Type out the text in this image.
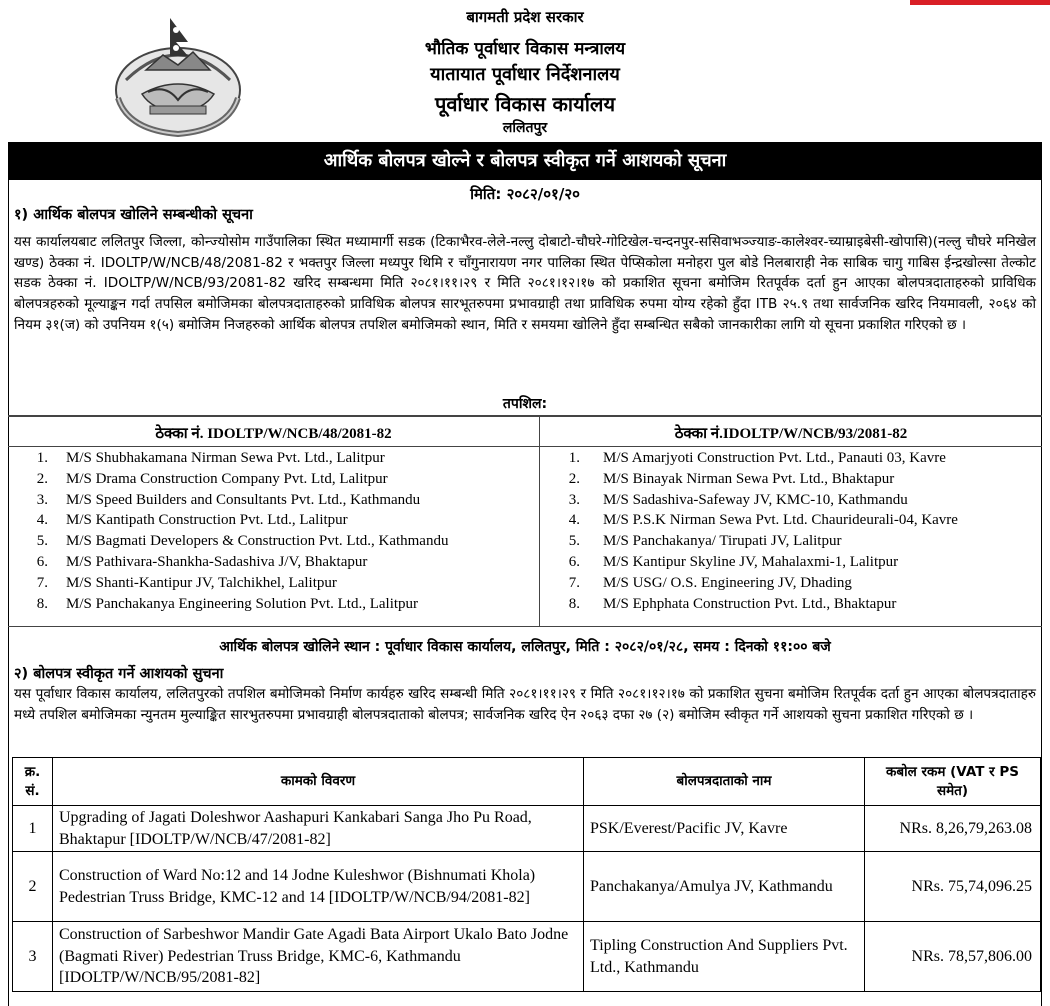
बागमती प्रदेश सरकार
भौतिक पूर्वाधार विकास मन्त्रालय
यातायात पूर्वाधार निर्देशनालय
पूर्वाधार विकास कार्यालय
ललितपुर
आर्थिक बोलपत्र खोल्ने र बोलपत्र स्वीकृत गर्ने आशयको सूचना
मिति: २०८२/०१/२०
१) आर्थिक बोलपत्र खोलिने सम्बन्धीको सूचना
यस कार्यालयबाट ललितपुर जिल्ला, कोन्ज्योसोम गाउँपालिका स्थित मध्यामार्गी सडक (टिकाभैरव-लेले-नल्लु दोबाटो-चौघरे-गोटिखेल-चन्दनपुर-ससिवाभञ्ज्याङ-कालेश्वर-च्याम्राइबेसी-खोपासि)(नल्लु चौघरे मनिखेल खण्ड) ठेक्का नं. IDOLTP/W/NCB/48/2081-82 र भक्तपुर जिल्ला मध्यपुर थिमि र चाँगुनारायण नगर पालिका स्थित पेप्सिकोला मनोहरा पुल बोडे निलबाराही नेक साबिक चागु गाबिस ईन्द्रखोल्सा तेल्कोट सडक ठेक्का नं. IDOLTP/W/NCB/93/2081-82 खरिद सम्बन्धमा मिति २०८१।११।२९ र मिति २०८१।१२।१७ को प्रकाशित सूचना बमोजिम रितपूर्वक दर्ता हुन आएका बोलपत्रदाताहरुको प्राविधिक बोलपत्रहरुको मूल्याङ्कन गर्दा तपसिल बमोजिमका बोलपत्रदाताहरुको प्राविधिक बोलपत्र सारभूतरुपमा प्रभावग्राही तथा प्राविधिक रुपमा योग्य रहेको हुँदा ITB २५.९ तथा सार्वजनिक खरिद नियमावली, २०६४ को नियम ३१(ज) को उपनियम १(५) बमोजिम निजहरुको आर्थिक बोलपत्र तपशिल बमोजिमको स्थान, मिति र समयमा खोलिने हुँदा सम्बन्धित सबैको जानकारीका लागि यो सूचना प्रकाशित गरिएको छ ।
तपशिल:
ठेक्का नं. IDOLTP/W/NCB/48/2081-82
1. M/S Shubhakamana Nirman Sewa Pvt. Ltd., Lalitpur
2. M/S Drama Construction Company Pvt. Ltd, Lalitpur
3. M/S Speed Builders and Consultants Pvt. Ltd., Kathmandu
4. M/S Kantipath Construction Pvt. Ltd., Lalitpur
5. M/S Bagmati Developers & Construction Pvt. Ltd., Kathmandu
6. M/S Pathivara-Shankha-Sadashiva J/V, Bhaktapur
7. M/S Shanti-Kantipur JV, Talchikhel, Lalitpur
8. M/S Panchakanya Engineering Solution Pvt. Ltd., Lalitpur
ठेक्का नं.IDOLTP/W/NCB/93/2081-82
1. M/S Amarjyoti Construction Pvt. Ltd., Panauti 03, Kavre
2. M/S Binayak Nirman Sewa Pvt. Ltd., Bhaktapur
3. M/S Sadashiva-Safeway JV, KMC-10, Kathmandu
4. M/S P.S.K Nirman Sewa Pvt. Ltd. Chaurideurali-04, Kavre
5. M/S Panchakanya/ Tirupati JV, Lalitpur
6. M/S Kantipur Skyline JV, Mahalaxmi-1, Lalitpur
7. M/S USG/ O.S. Engineering JV, Dhading
8. M/S Ephphata Construction Pvt. Ltd., Bhaktapur
आर्थिक बोलपत्र खोलिने स्थान : पूर्वाधार विकास कार्यालय, ललितपुर, मिति : २०८२/०१/२८, समय : दिनको ११:०० बजे
२) बोलपत्र स्वीकृत गर्ने आशयको सुचना
यस पूर्वाधार विकास कार्यालय, ललितपुरको तपशिल बमोजिमको निर्माण कार्यहरु खरिद सम्बन्धी मिति २०८१।११।२९ र मिति २०८१।१२।१७ को प्रकाशित सुचना बमोजिम रितपूर्वक दर्ता हुन आएका बोलपत्रदाताहरु मध्ये तपशिल बमोजिमका न्युनतम मुल्याङ्कित सारभुतरुपमा प्रभावग्राही बोलपत्रदाताको बोलपत्र; सार्वजनिक खरिद ऐन २०६३ दफा २७ (२) बमोजिम स्वीकृत गर्ने आशयको सुचना प्रकाशित गरिएको छ ।
क्र. सं.	कामको विवरण	बोलपत्रदाताको नाम	कबोल रकम (VAT र PS समेत)
1	Upgrading of Jagati Doleshwor Aashapuri Kankabari Sanga Jho Pu Road, Bhaktapur [IDOLTP/W/NCB/47/2081-82]	PSK/Everest/Pacific JV, Kavre	NRs. 8,26,79,263.08
2	Construction of Ward No:12 and 14 Jodne Kuleshwor (Bishnumati Khola) Pedestrian Truss Bridge, KMC-12 and 14 [IDOLTP/W/NCB/94/2081-82]	Panchakanya/Amulya JV, Kathmandu	NRs. 75,74,096.25
3	Construction of Sarbeshwor Mandir Gate Agadi Bata Airport Ukalo Bato Jodne (Bagmati River) Pedestrian Truss Bridge, KMC-6, Kathmandu [IDOLTP/W/NCB/95/2081-82]	Tipling Construction And Suppliers Pvt. Ltd., Kathmandu	NRs. 78,57,806.00
